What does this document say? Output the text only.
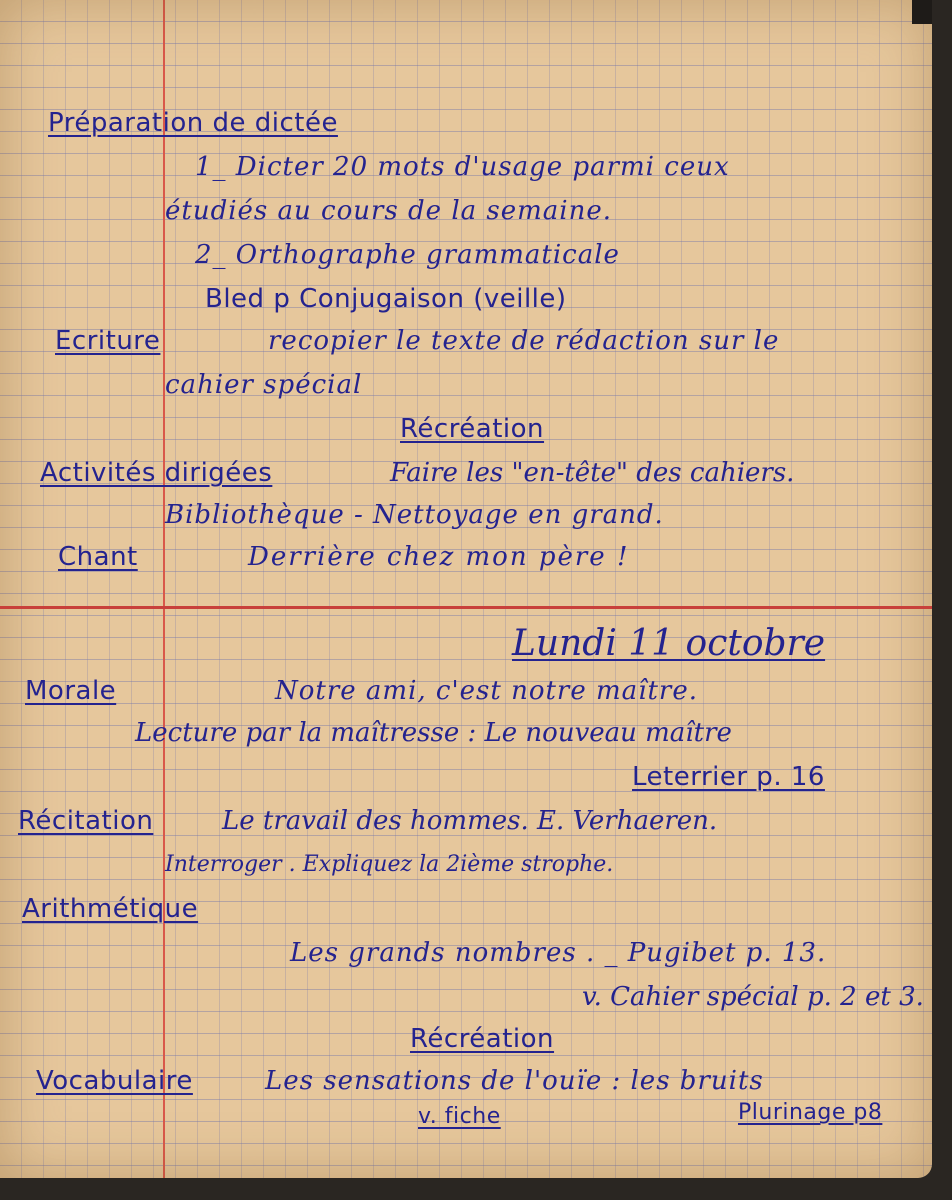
Préparation de dictée
1_ Dicter 20 mots d'usage parmi ceux
étudiés au cours de la semaine.
2_ Orthographe grammaticale
Bled p Conjugaison (veille)
Ecriture	recopier le texte de rédaction sur le
cahier spécial
Récréation
Activités dirigées	Faire les "en-tête" des cahiers.
Bibliothèque - Nettoyage en grand.
Chant	Derrière chez mon père !
Lundi 11 octobre
Morale	Notre ami, c'est notre maître.
Lecture par la maîtresse : Le nouveau maître
Leterrier p. 16
Récitation	Le travail des hommes. E. Verhaeren.
Interroger . Expliquez la 2ième strophe.
Arithmétique
Les grands nombres . _ Pugibet p. 13.
v. Cahier spécial p. 2 et 3.
Récréation
Vocabulaire	Les sensations de l'ouïe : les bruits
v. fiche	Plurinage p8
